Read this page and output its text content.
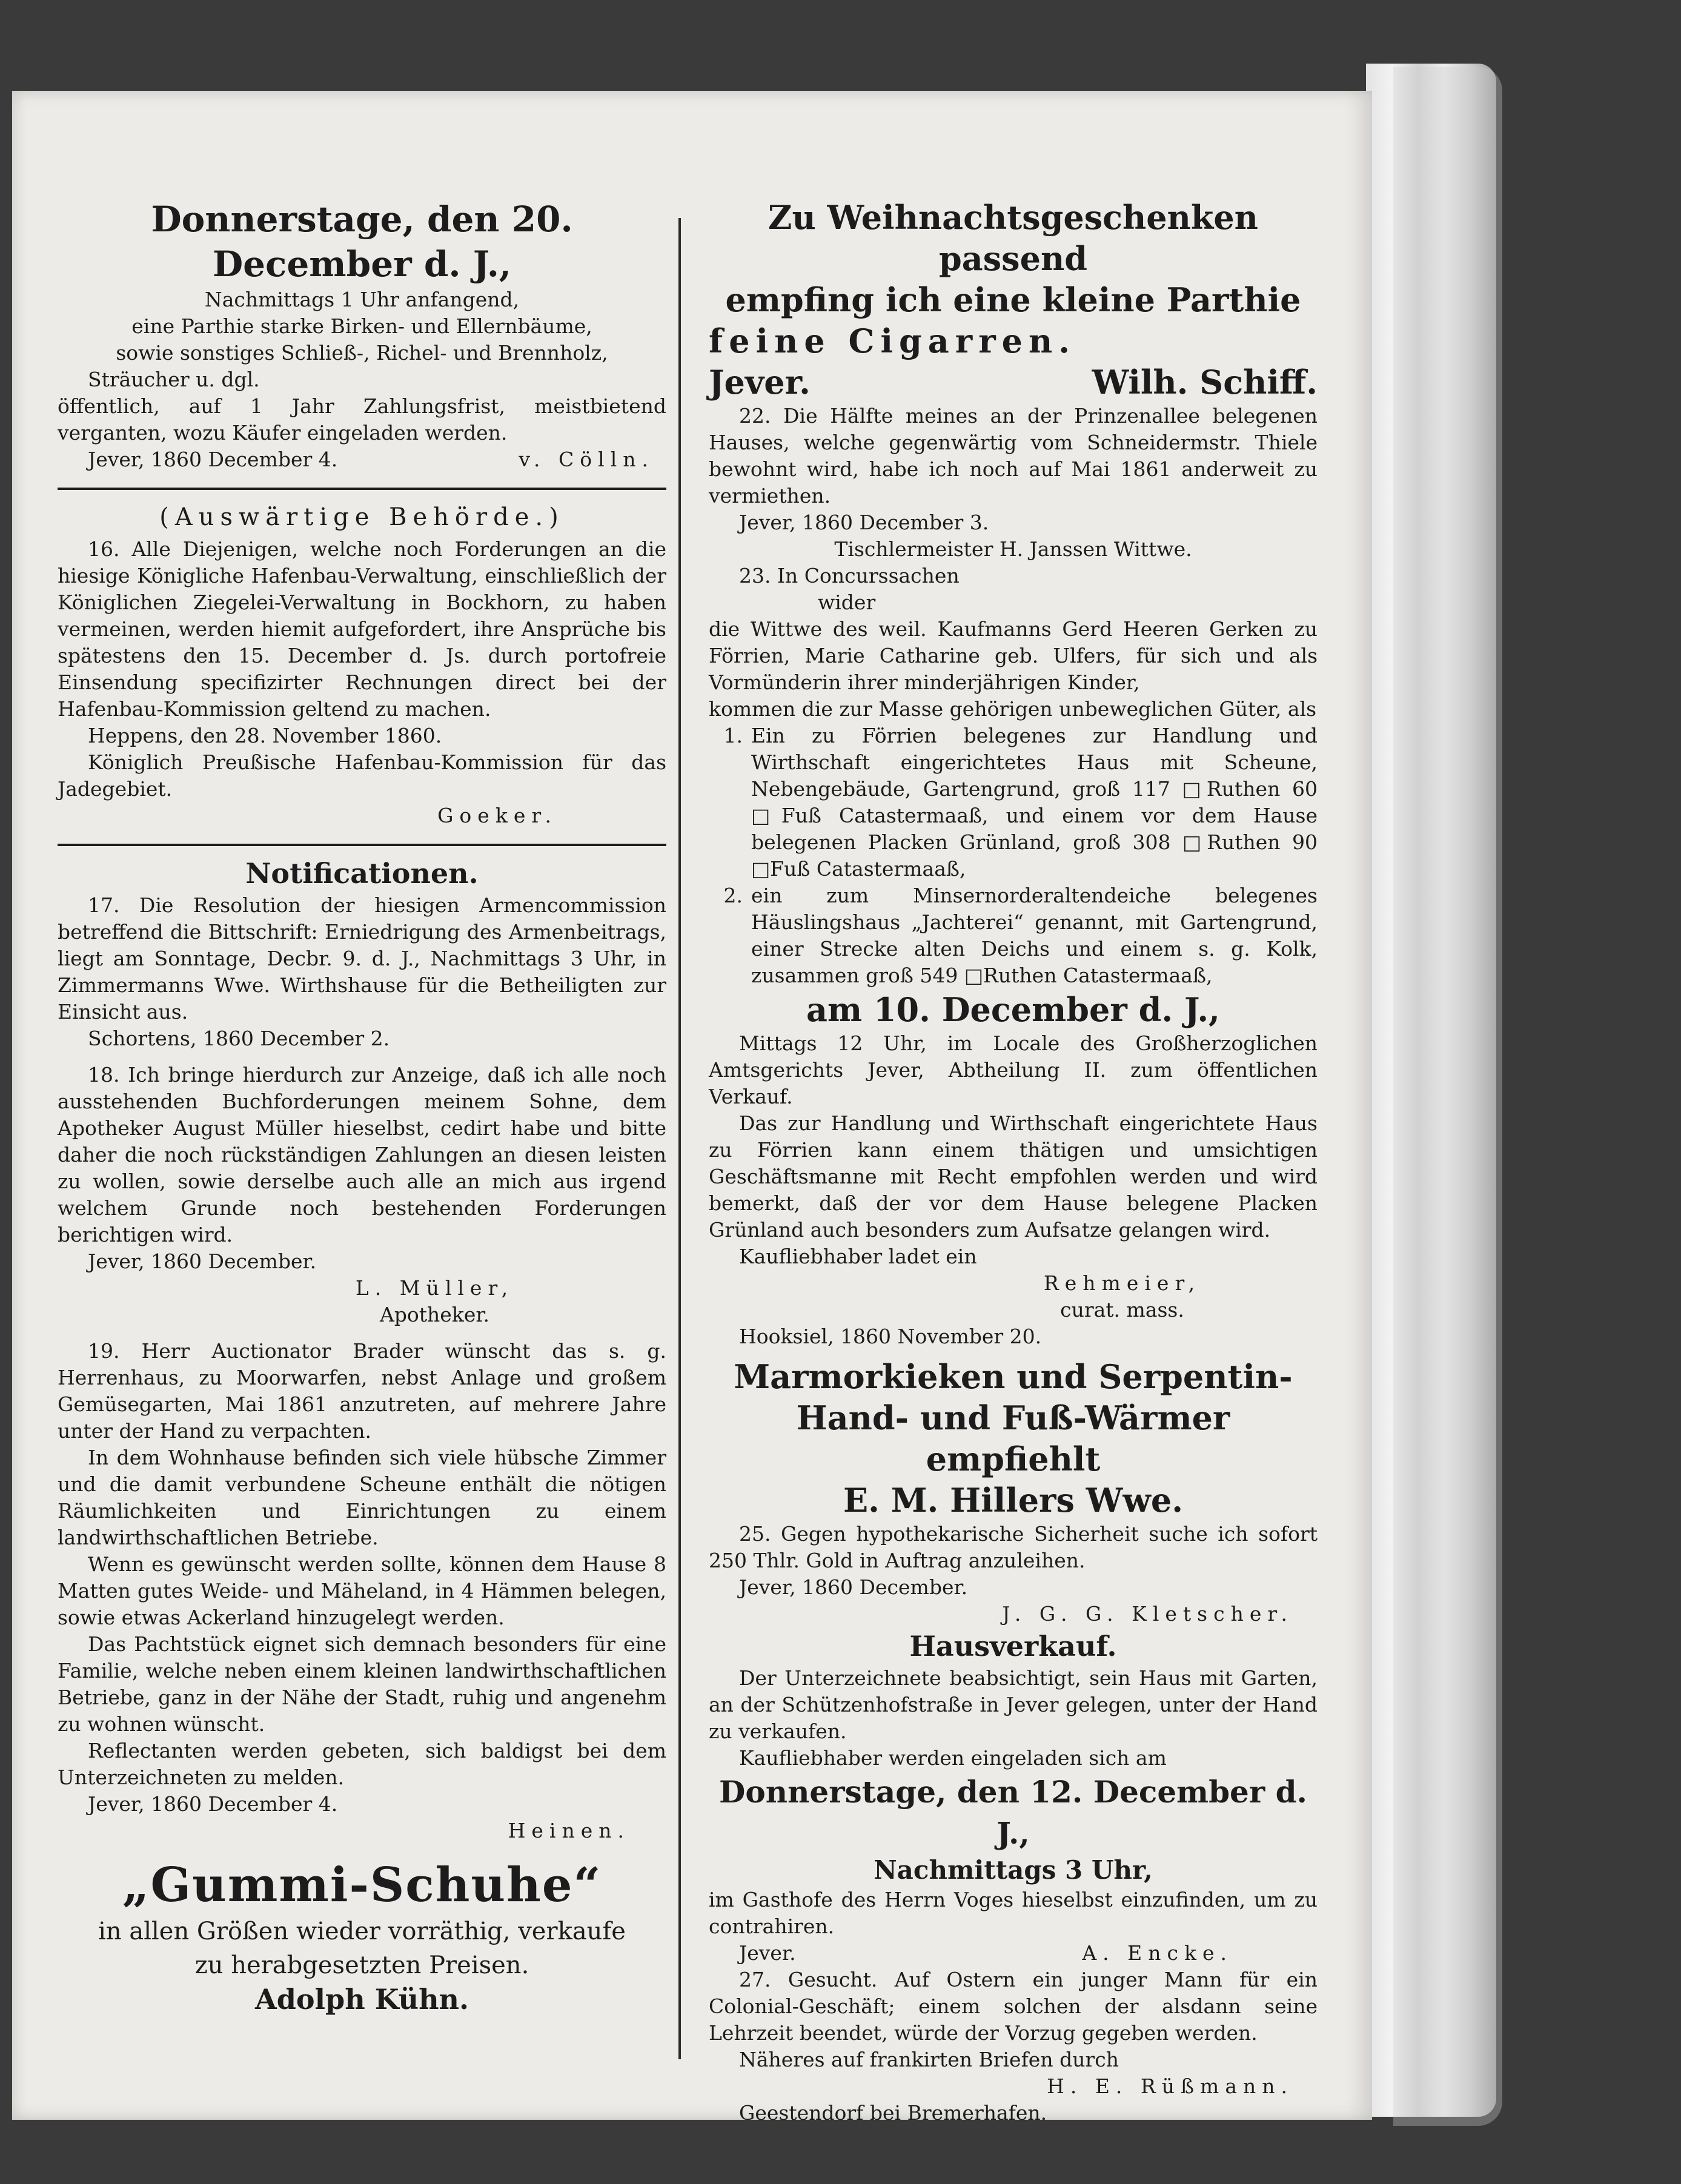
Donnerstage, den 20. December d. J.,
Nachmittags 1 Uhr anfangend,
eine Parthie starke Birken- und Ellernbäume,
sowie sonstiges Schließ-, Richel- und Brennholz,
Sträucher u. dgl.

öffentlich, auf 1 Jahr Zahlungsfrist, meistbietend verganten, wozu Käufer eingeladen werden.

Jever, 1860 December 4.	v. Cölln.
(Auswärtige Behörde.)

16. Alle Diejenigen, welche noch Forderungen an die hiesige Königliche Hafenbau-Verwaltung, einschließlich der Königlichen Ziegelei-Verwaltung in Bockhorn, zu haben vermeinen, werden hiemit aufgefordert, ihre Ansprüche bis spätestens den 15. December d. Js. durch portofreie Einsendung specifizirter Rechnungen direct bei der Hafenbau-Kommission geltend zu machen.

Heppens, den 28. November 1860.

Königlich Preußische Hafenbau-Kommission für das Jadegebiet.

Goeker.

Notificationen.

17. Die Resolution der hiesigen Armencommission betreffend die Bittschrift: Erniedrigung des Armenbeitrags, liegt am Sonntage, Decbr. 9. d. J., Nachmittags 3 Uhr, in Zimmermanns Wwe. Wirthshause für die Betheiligten zur Einsicht aus.

Schortens, 1860 December 2.

18. Ich bringe hierdurch zur Anzeige, daß ich alle noch ausstehenden Buchforderungen meinem Sohne, dem Apotheker August Müller hieselbst, cedirt habe und bitte daher die noch rückständigen Zahlungen an diesen leisten zu wollen, sowie derselbe auch alle an mich aus irgend welchem Grunde noch bestehenden Forderungen berichtigen wird.

Jever, 1860 December.

L. Müller,

Apotheker.

19. Herr Auctionator Brader wünscht das s. g. Herrenhaus, zu Moorwarfen, nebst Anlage und großem Gemüsegarten, Mai 1861 anzutreten, auf mehrere Jahre unter der Hand zu verpachten.

In dem Wohnhause befinden sich viele hübsche Zimmer und die damit verbundene Scheune enthält die nötigen Räumlichkeiten und Einrichtungen zu einem landwirthschaftlichen Betriebe.

Wenn es gewünscht werden sollte, können dem Hause 8 Matten gutes Weide- und Mäheland, in 4 Hämmen belegen, sowie etwas Ackerland hinzugelegt werden.

Das Pachtstück eignet sich demnach besonders für eine Familie, welche neben einem kleinen landwirthschaftlichen Betriebe, ganz in der Nähe der Stadt, ruhig und angenehm zu wohnen wünscht.

Reflectanten werden gebeten, sich baldigst bei dem Unterzeichneten zu melden.

Jever, 1860 December 4.

Heinen.

„Gummi-Schuhe“
in allen Größen wieder vorräthig, verkaufe
zu herabgesetzten Preisen.
Adolph Kühn.
Zu Weihnachtsgeschenken passend
empfing ich eine kleine Parthie
feine Cigarren.
Jever.	Wilh. Schiff.

22. Die Hälfte meines an der Prinzenallee belegenen Hauses, welche gegenwärtig vom Schneidermstr. Thiele bewohnt wird, habe ich noch auf Mai 1861 anderweit zu vermiethen.

Jever, 1860 December 3.

Tischlermeister H. Janssen Wittwe.

23. In Concurssachen

wider

die Wittwe des weil. Kaufmanns Gerd Heeren Gerken zu Förrien, Marie Catharine geb. Ulfers, für sich und als Vormünderin ihrer minderjährigen Kinder,

kommen die zur Masse gehörigen unbeweglichen Güter, als

1. Ein zu Förrien belegenes zur Handlung und Wirthschaft eingerichtetes Haus mit Scheune, Nebengebäude, Gartengrund, groß 117 □Ruthen 60 □Fuß Catastermaaß, und einem vor dem Hause belegenen Placken Grünland, groß 308 □Ruthen 90 □Fuß Catastermaaß,

2. ein zum Minsernorderaltendeiche belegenes Häuslingshaus „Jachterei“ genannt, mit Gartengrund, einer Strecke alten Deichs und einem s. g. Kolk, zusammen groß 549 □Ruthen Catastermaaß,

am 10. December d. J.,

Mittags 12 Uhr, im Locale des Großherzoglichen Amtsgerichts Jever, Abtheilung II. zum öffentlichen Verkauf.

Das zur Handlung und Wirthschaft eingerichtete Haus zu Förrien kann einem thätigen und umsichtigen Geschäftsmanne mit Recht empfohlen werden und wird bemerkt, daß der vor dem Hause belegene Placken Grünland auch besonders zum Aufsatze gelangen wird.

Kaufliebhaber ladet ein

Rehmeier,

curat. mass.

Hooksiel, 1860 November 20.

Marmorkieken und Serpentin-
Hand- und Fuß-Wärmer empfiehlt
E. M. Hillers Wwe.

25. Gegen hypothekarische Sicherheit suche ich sofort 250 Thlr. Gold in Auftrag anzuleihen.

Jever, 1860 December.

J. G. G. Kletscher.

Hausverkauf.

Der Unterzeichnete beabsichtigt, sein Haus mit Garten, an der Schützenhofstraße in Jever gelegen, unter der Hand zu verkaufen.

Kaufliebhaber werden eingeladen sich am

Donnerstage, den 12. December d. J.,
Nachmittags 3 Uhr,

im Gasthofe des Herrn Voges hieselbst einzufinden, um zu contrahiren.

Jever.	A. Encke.

27. Gesucht. Auf Ostern ein junger Mann für ein Colonial-Geschäft; einem solchen der alsdann seine Lehrzeit beendet, würde der Vorzug gegeben werden.

Näheres auf frankirten Briefen durch

H. E. Rüßmann.

Geestendorf bei Bremerhafen.
